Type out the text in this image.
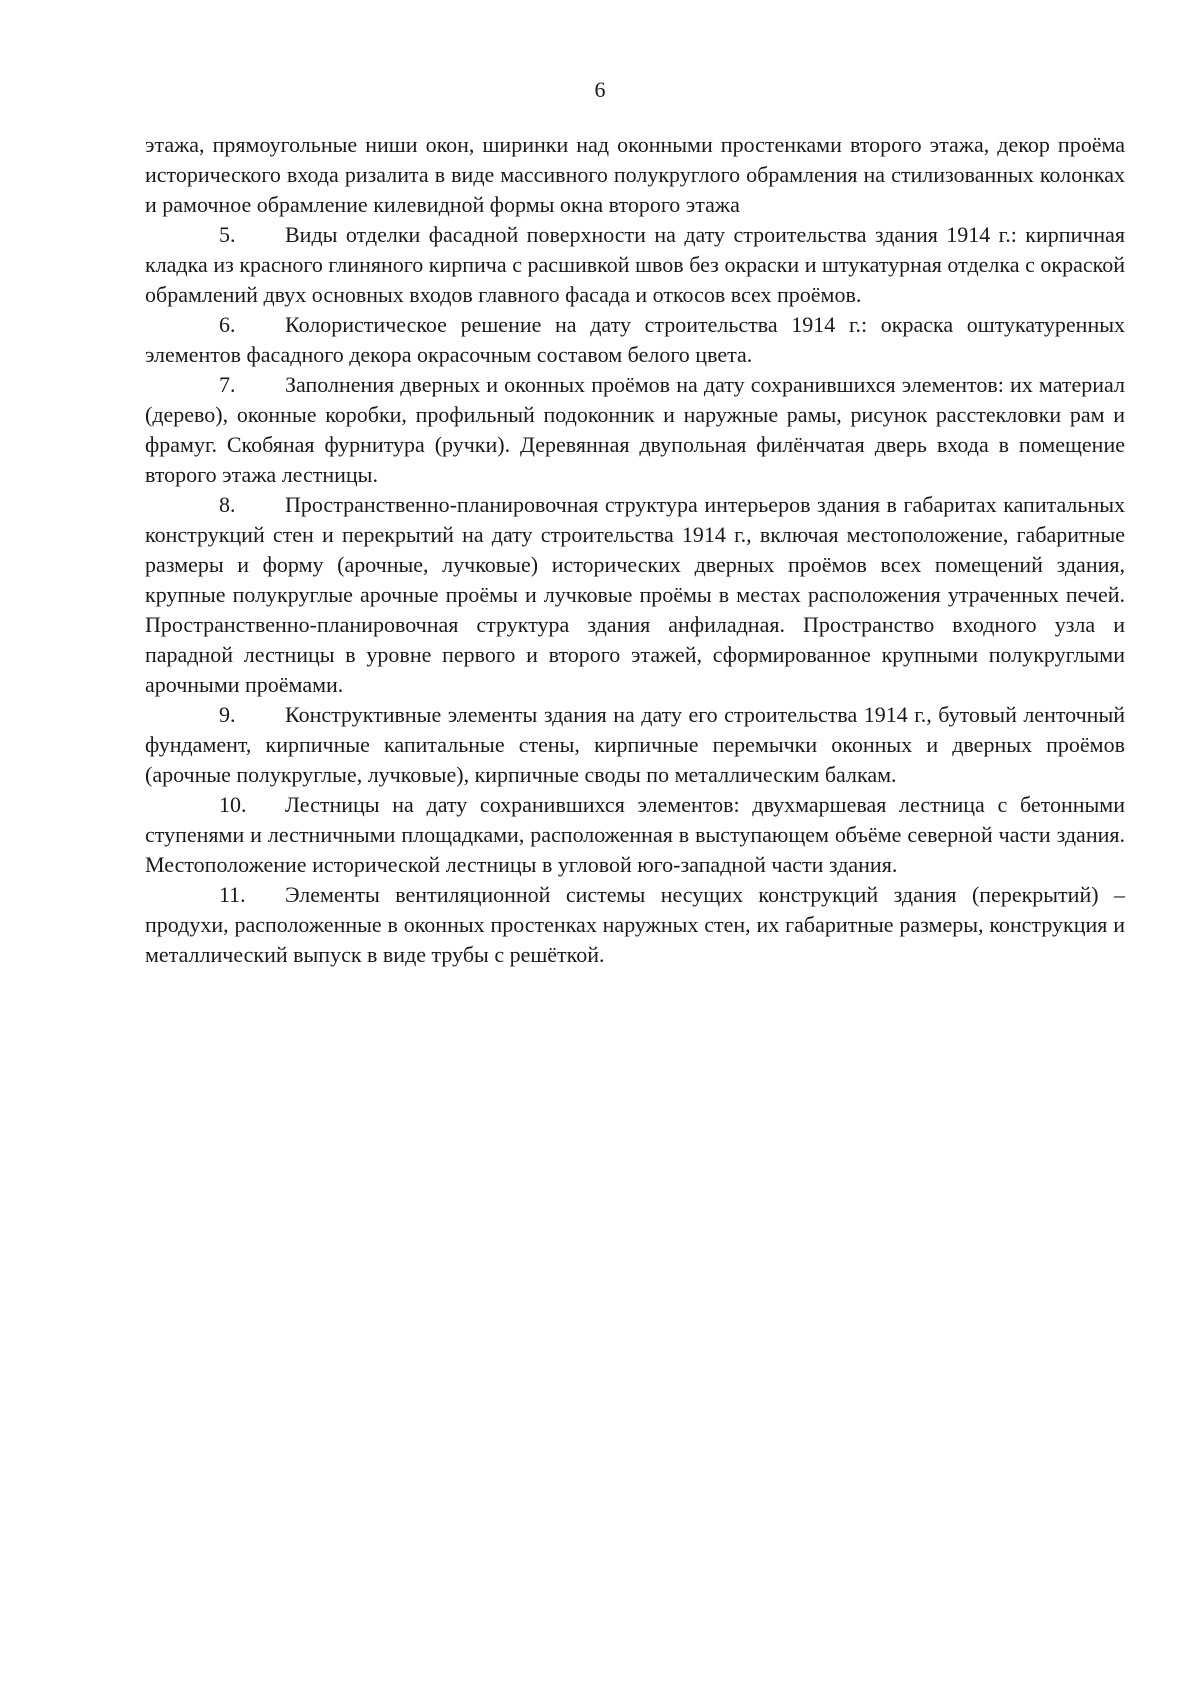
6

этажа, прямоугольные ниши окон, ширинки над оконными простенками второго этажа, декор проёма исторического входа ризалита в виде массивного полукруглого обрамления на стилизованных колонках и рамочное обрамление килевидной формы окна второго этажа

5. Виды отделки фасадной поверхности на дату строительства здания 1914 г.: кирпичная кладка из красного глиняного кирпича с расшивкой швов без окраски и штукатурная отделка с окраской обрамлений двух основных входов главного фасада и откосов всех проёмов.

6. Колористическое решение на дату строительства 1914 г.: окраска оштукатуренных элементов фасадного декора окрасочным составом белого цвета.

7. Заполнения дверных и оконных проёмов на дату сохранившихся элементов: их материал (дерево), оконные коробки, профильный подоконник и наружные рамы, рисунок расстекловки рам и фрамуг. Скобяная фурнитура (ручки). Деревянная двупольная филёнчатая дверь входа в помещение второго этажа лестницы.

8. Пространственно-планировочная структура интерьеров здания в габаритах капитальных конструкций стен и перекрытий на дату строительства 1914 г., включая местоположение, габаритные размеры и форму (арочные, лучковые) исторических дверных проёмов всех помещений здания, крупные полукруглые арочные проёмы и лучковые проёмы в местах расположения утраченных печей. Пространственно-планировочная структура здания анфиладная. Пространство входного узла и парадной лестницы в уровне первого и второго этажей, сформированное крупными полукруглыми арочными проёмами.

9. Конструктивные элементы здания на дату его строительства 1914 г., бутовый ленточный фундамент, кирпичные капитальные стены, кирпичные перемычки оконных и дверных проёмов (арочные полукруглые, лучковые), кирпичные своды по металлическим балкам.

10. Лестницы на дату сохранившихся элементов: двухмаршевая лестница с бетонными ступенями и лестничными площадками, расположенная в выступающем объёме северной части здания. Местоположение исторической лестницы в угловой юго-западной части здания.

11. Элементы вентиляционной системы несущих конструкций здания (перекрытий) – продухи, расположенные в оконных простенках наружных стен, их габаритные размеры, конструкция и металлический выпуск в виде трубы с решёткой.
